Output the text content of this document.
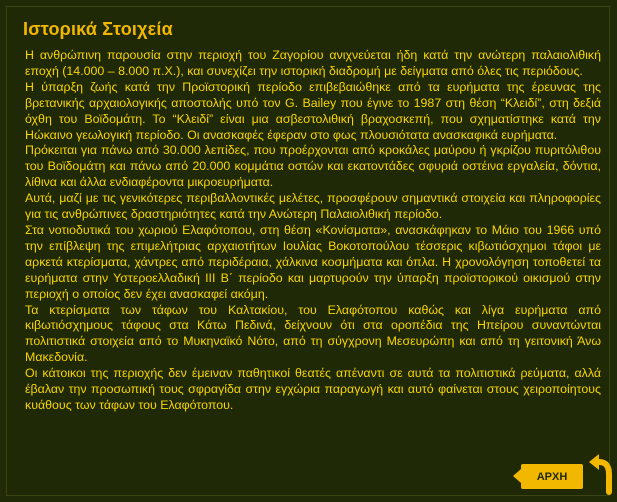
Ιστορικά Στοιχεία

Η ανθρώπινη παρουσία στην περιοχή του Ζαγορίου ανιχνεύεται ήδη κατά την ανώτερη παλαιολιθική εποχή (14.000 – 8.000 π.Χ.), και συνεχίζει την ιστορική διαδρομή με δείγματα από όλες τις περιόδους.

Η ύπαρξη ζωής κατά την Προϊστορική περίοδο επιβεβαιώθηκε από τα ευρήματα της έρευνας της βρετανικής αρχαιολογικής αποστολής υπό τον G. Bailey που έγινε το 1987 στη θέση “Κλειδί”, στη δεξιά όχθη του Βοϊδομάτη. Το “Κλειδί” είναι μια ασβεστολιθική βραχοσκεπή, που σχηματίστηκε κατά την Ηώκαινο γεωλογική περίοδο. Οι ανασκαφές έφεραν στο φως πλουσιότατα ανασκαφικά ευρήματα.

Πρόκειται για πάνω από 30.000 λεπίδες, που προέρχονται από κροκάλες μαύρου ή γκρίζου πυριτόλιθου του Βοϊδομάτη και πάνω από 20.000 κομμάτια οστών και εκατοντάδες σφυριά οστέινα εργαλεία, δόντια, λίθινα και άλλα ενδιαφέροντα μικροευρήματα.

Αυτά, μαζί με τις γενικότερες περιβαλλοντικές μελέτες, προσφέρουν σημαντικά στοιχεία και πληροφορίες για τις ανθρώπινες δραστηριότητες κατά την Ανώτερη Παλαιολιθική περίοδο.

Στα νοτιοδυτικά του χωριού Ελαφότοπου, στη θέση «Κονίσματα», ανασκάφηκαν το Μάιο του 1966 υπό την επίβλεψη της επιμελήτριας αρχαιοτήτων Ιουλίας Βοκοτοπούλου τέσσερις κιβωτιόσχημοι τάφοι με αρκετά κτερίσματα, χάντρες από περιδέραια, χάλκινα κοσμήματα και όπλα. Η χρονολόγηση τοποθετεί τα ευρήματα στην Υστεροελλαδική ΙΙΙ Β΄ περίοδο και μαρτυρούν την ύπαρξη προϊστορικού οικισμού στην περιοχή ο οποίος δεν έχει ανασκαφεί ακόμη.

Τα κτερίσματα των τάφων του Καλτακίου, του Ελαφότοπου καθώς και λίγα ευρήματα από κιβωτιόσχημους τάφους στα Κάτω Πεδινά, δείχνουν ότι στα οροπέδια της Ηπείρου συναντώνται πολιτιστικά στοιχεία από το Μυκηναϊκό Νότο, από τη σύγχρονη Μεσευρώπη και από τη γειτονική Άνω Μακεδονία.

Οι κάτοικοι της περιοχής δεν έμειναν παθητικοί θεατές απέναντι σε αυτά τα πολιτιστικά ρεύματα, αλλά έβαλαν την προσωπική τους σφραγίδα στην εγχώρια παραγωγή και αυτό φαίνεται στους χειροποίητους κυάθους των τάφων του Ελαφότοπου.

ΑΡΧΗ
